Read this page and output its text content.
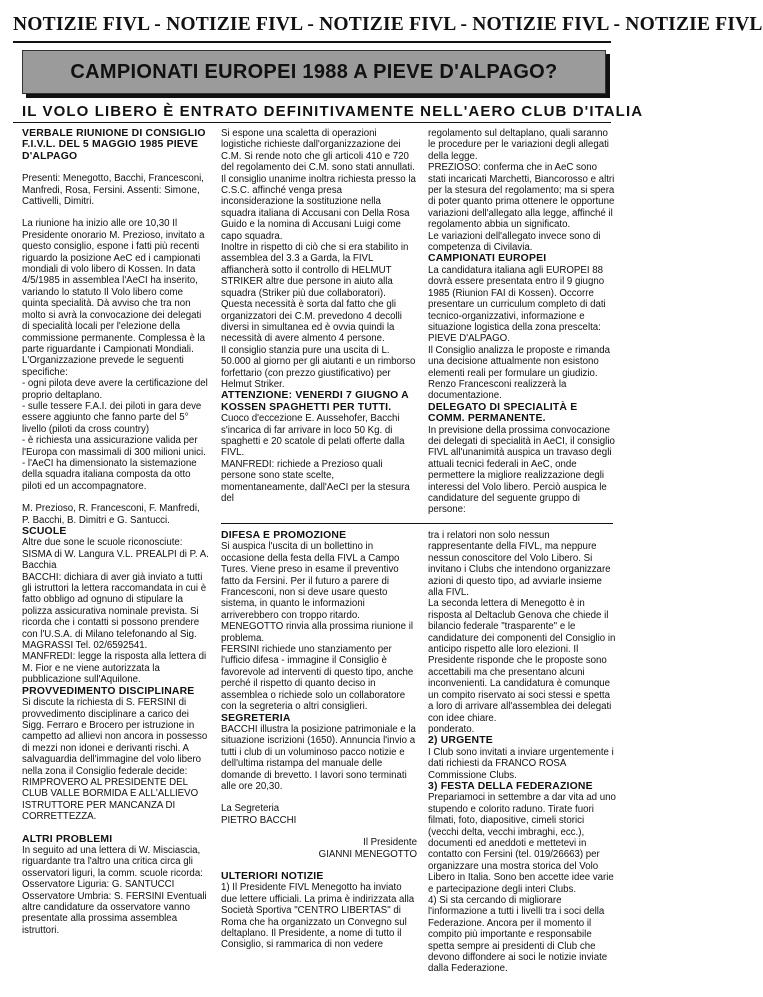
NOTIZIE FIVL - NOTIZIE FIVL - NOTIZIE FIVL - NOTIZIE FIVL - NOTIZIE FIVL
CAMPIONATI EUROPEI 1988 A PIEVE D'ALPAGO?
IL VOLO LIBERO È ENTRATO DEFINITIVAMENTE NELL'AERO CLUB D'ITALIA

VERBALE RIUNIONE DI CONSIGLIO F.I.V.L. DEL 5 MAGGIO 1985 PIEVE D'ALPAGO

Presenti: Menegotto, Bacchi, Francesconi, Manfredi, Rosa, Fersini. Assenti: Simone, Cattivelli, Dimitri.

La riunione ha inizio alle ore 10,30 Il Presidente onorario M. Prezioso, invitato a questo consiglio, espone i fatti più recenti riguardo la posizione AeC ed i campionati mondiali di volo libero di Kossen. In data 4/5/1985 in assemblea l'AeCI ha inserito, variando lo statuto Il Volo libero come quinta specialità. Dà avviso che tra non molto si avrà la convocazione dei delegati di specialità locali per l'elezione della commissione permanente. Complessa è la parte riguardante i Campionati Mondiali. L'Organizzazione prevede le seguenti specifiche:

- ogni pilota deve avere la certificazione del proprio deltaplano.

- sulle tessere F.A.I. dei piloti in gara deve essere aggiunto che fanno parte del 5° livello (piloti da cross country)

- è richiesta una assicurazione valida per l'Europa con massimali di 300 milioni unici.

- l'AeCI ha dimensionato la sistemazione della squadra italiana composta da otto piloti ed un accompagnatore.

M. Prezioso, R. Francesconi, F. Manfredi, P. Bacchi, B. Dimitri e G. Santucci.

SCUOLE

Altre due sone le scuole riconosciute: SISMA di W. Langura V.L. PREALPI di P. A. Bacchia

BACCHI: dichiara di aver già inviato a tutti gli istruttori la lettera raccomandata in cui è fatto obbligo ad ognuno di stipulare la polizza assicurativa nominale prevista. Si ricorda che i contatti si possono prendere con l'U.S.A. di Milano telefonando al Sig. MAGRASSI Tel. 02/6592541.

MANFREDI: legge la risposta alla lettera di M. Fior e ne viene autorizzata la pubblicazione sull'Aquilone.

PROVVEDIMENTO DISCIPLINARE

Si discute la richiesta di S. FERSINI di provvedimento disciplinare a carico dei Sigg. Ferraro e Brocero per istruzione in campetto ad allievi non ancora in possesso di mezzi non idonei e derivanti rischi. A salvaguardia dell'immagine del volo libero nella zona il Consiglio federale decide: RIMPROVERO AL PRESIDENTE DEL CLUB VALLE BORMIDA E ALL'ALLIEVO ISTRUTTORE PER MANCANZA DI CORRETTEZZA.

ALTRI PROBLEMI

In seguito ad una lettera di W. Misciascia, riguardante tra l'altro una critica circa gli osservatori liguri, la comm. scuole ricorda: Osservatore Liguria: G. SANTUCCI Osservatore Umbria: S. FERSINI Eventuali altre candidature da osservatore vanno presentate alla prossima assemblea istruttori.

Si espone una scaletta di operazioni logistiche richieste dall'organizzazione dei C.M. Si rende noto che gli articoli 410 e 720 del regolamento dei C.M. sono stati annullati. Il consiglio unanime inoltra richiesta presso la C.S.C. affinché venga presa inconsiderazione la sostituzione nella squadra italiana di Accusani con Della Rosa Guido e la nomina di Accusani Luigi come capo squadra.

Inoltre in rispetto di ciò che si era stabilito in assemblea del 3.3 a Garda, la FIVL affiancherà sotto il controllo di HELMUT STRIKER altre due persone in aiuto alla squadra (Striker più due collaboratori).

Questa necessità è sorta dal fatto che gli organizzatori dei C.M. prevedono 4 decolli diversi in simultanea ed è ovvia quindi la necessità di avere almento 4 persone.

Il consiglio stanzia pure una uscita di L. 50.000 al giorno per gli aiutanti e un rimborso forfettario (con prezzo giustificativo) per Helmut Striker.

ATTENZIONE: VENERDI 7 GIUGNO A KOSSEN SPAGHETTI PER TUTTI.

Cuoco d'eccezione E. Aussehofer, Bacchi s'incarica di far arrivare in loco 50 Kg. di spaghetti e 20 scatole di pelati offerte dalla FIVL.

MANFREDI: richiede a Prezioso quali persone sono state scelte, momentaneamente, dall'AeCI per la stesura del

regolamento sul deltaplano, quali saranno le procedure per le variazioni degli allegati della legge.

PREZIOSO: conferma che in AeC sono stati incaricati Marchetti, Biancorosso e altri per la stesura del regolamento; ma si spera di poter quanto prima ottenere le opportune variazioni dell'allegato alla legge, affinché il regolamento abbia un significato.

Le variazioni dell'allegato invece sono di competenza di Civilavia.

CAMPIONATI EUROPEI

La candidatura italiana agli EUROPEI 88 dovrà essere presentata entro il 9 giugno 1985 (Riunion FAI di Kossen). Occorre presentare un curriculum completo di dati tecnico-organizzativi, informazione e situazione logistica della zona prescelta: PIEVE D'ALPAGO.

Il Consiglio analizza le proposte e rimanda una decisione attualmente non esistono elementi reali per formulare un giudizio. Renzo Francesconi realizzerà la documentazione.

DELEGATO DI SPECIALITÀ E COMM. PERMANENTE.

In previsione della prossima convocazione dei delegati di specialità in AeCI, il consiglio FIVL all'unanimità auspica un travaso degli attuali tecnici federali in AeC, onde permettere la migliore realizzazione degli interessi del Volo libero. Perciò auspica le candidature del seguente gruppo di persone:

DIFESA E PROMOZIONE

Si auspica l'uscita di un bollettino in occasione della festa della FIVL a Campo Tures. Viene preso in esame il preventivo fatto da Fersini. Per il futuro a parere di Francesconi, non si deve usare questo sistema, in quanto le informazioni arriverebbero con troppo ritardo.

MENEGOTTO rinvia alla prossima riunione il problema.

FERSINI richiede uno stanziamento per l'ufficio difesa - immagine il Consiglio è favorevole ad interventi di questo tipo, anche perché il rispetto di quanto deciso in assemblea o richiede solo un collaboratore con la segreteria o altri consiglieri.

SEGRETERIA

BACCHI illustra la posizione patrimoniale e la situazione iscrizioni (1650). Annuncia l'invio a tutti i club di un voluminoso pacco notizie e dell'ultima ristampa del manuale delle domande di brevetto. I lavori sono terminati alle ore 20,30.

La Segreteria

PIETRO BACCHI

Il Presidente

GIANNI MENEGOTTO

ULTERIORI NOTIZIE

1) Il Presidente FIVL Menegotto ha inviato due lettere ufficiali. La prima è indirizzata alla Società Sportiva "CENTRO LIBERTAS" di Roma che ha organizzato un Convegno sul deltaplano. Il Presidente, a nome di tutto il Consiglio, si rammarica di non vedere

tra i relatori non solo nessun rappresentante della FIVL, ma neppure nessun conoscitore del Volo Libero. Si invitano i Clubs che intendono organizzare azioni di questo tipo, ad avviarle insieme alla FIVL.

La seconda lettera di Menegotto è in risposta al Deltaclub Genova che chiede il bilancio federale "trasparente" e le candidature dei componenti del Consiglio in anticipo rispetto alle loro elezioni. Il Presidente risponde che le proposte sono accettabili ma che presentano alcuni inconvenienti. La candidatura è comunque un compito riservato ai soci stessi e spetta a loro di arrivare all'assemblea dei delegati con idee chiare.

ponderato.

2) URGENTE

I Club sono invitati a inviare urgentemente i dati richiesti da FRANCO ROSA Commissione Clubs.

3) FESTA DELLA FEDERAZIONE

Prepariamoci in settembre a dar vita ad uno stupendo e colorito raduno. Tirate fuori filmati, foto, diapositive, cimeli storici (vecchi delta, vecchi imbraghi, ecc.), documenti ed aneddoti e mettetevi in contatto con Fersini (tel. 019/26663) per organizzare una mostra storica del Volo Libero in Italia. Sono ben accette idee varie e partecipazione degli interi Clubs.

4) Si sta cercando di migliorare l'informazione a tutti i livelli tra i soci della Federazione. Ancora per il momento il compito più importante e responsabile spetta sempre ai presidenti di Club che devono diffondere ai soci le notizie inviate dalla Federazione.
